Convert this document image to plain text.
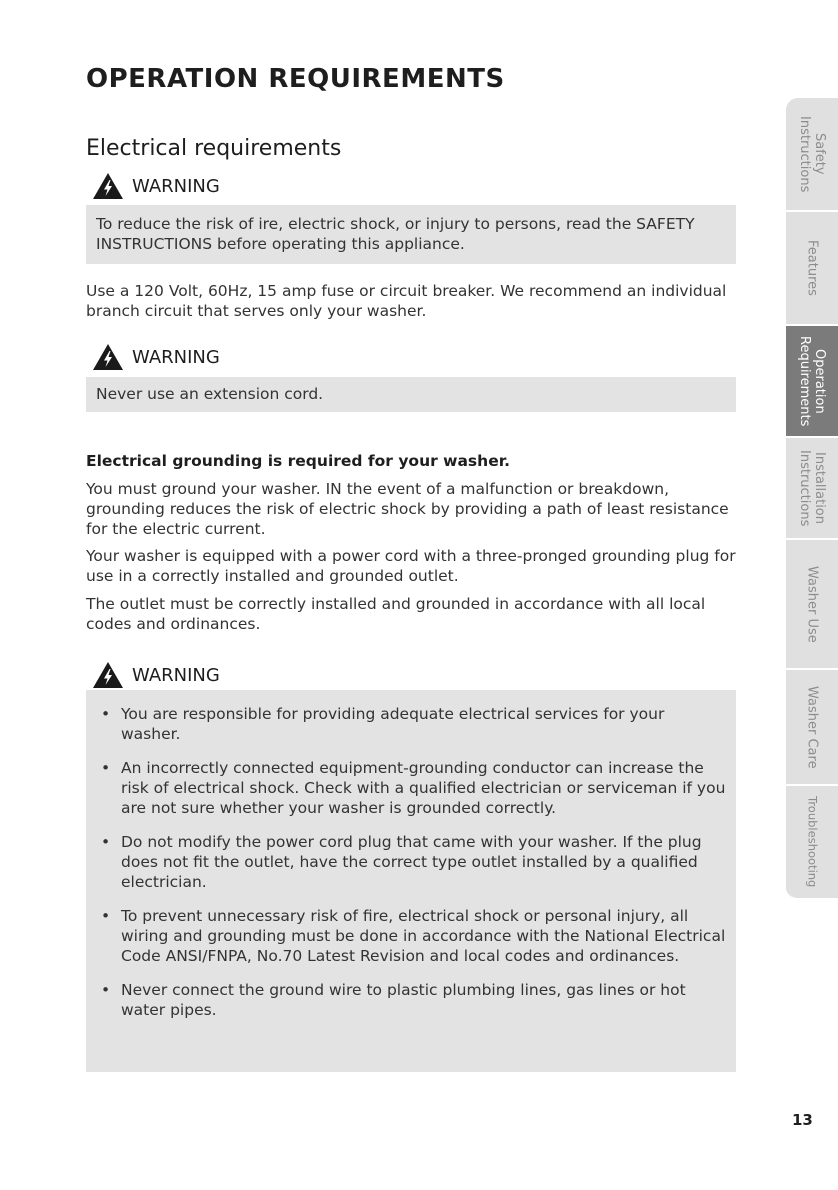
OPERATION REQUIREMENTS
Electrical requirements
WARNING

To reduce the risk of ire, electric shock, or injury to persons, read the SAFETY INSTRUCTIONS before operating this appliance.

Use a 120 Volt, 60Hz, 15 amp fuse or circuit breaker. We recommend an individual branch circuit that serves only your washer.

WARNING

Never use an extension cord.

Electrical grounding is required for your washer.

You must ground your washer. IN the event of a malfunction or breakdown, grounding reduces the risk of electric shock by providing a path of least resistance for the electric current.

Your washer is equipped with a power cord with a three-pronged grounding plug for use in a correctly installed and grounded outlet.

The outlet must be correctly installed and grounded in accordance with all local codes and ordinances.

WARNING
• You are responsible for providing adequate electrical services for your washer.
• An incorrectly connected equipment-grounding conductor can increase the risk of electrical shock. Check with a qualified electrician or serviceman if you are not sure whether your washer is grounded correctly.
• Do not modify the power cord plug that came with your washer. If the plug does not fit the outlet, have the correct type outlet installed by a qualified electrician.
• To prevent unnecessary risk of fire, electrical shock or personal injury, all wiring and grounding must be done in accordance with the National Electrical Code ANSI/FNPA, No.70 Latest Revision and local codes and ordinances.
• Never connect the ground wire to plastic plumbing lines, gas lines or hot water pipes.
Safety
Instructions
Features
Operation
Requirements
Installation
Instructions
Washer Use
Washer Care
Troubleshooting

13
